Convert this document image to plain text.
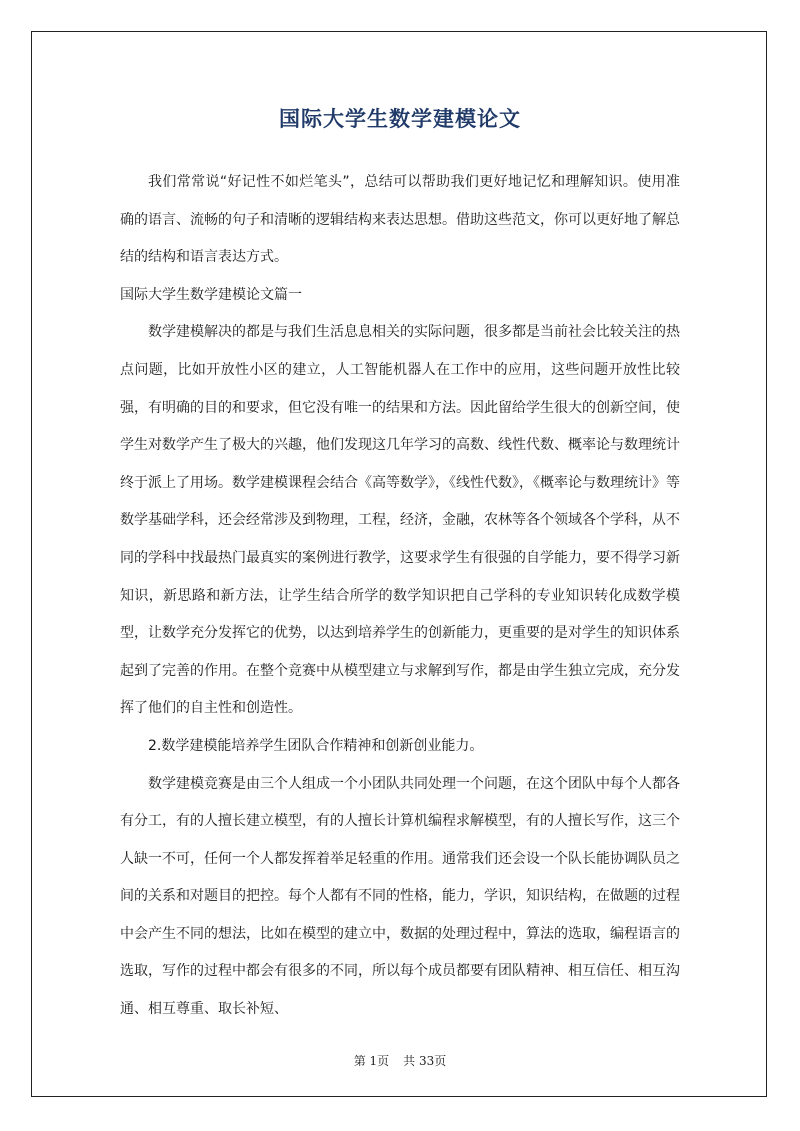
国际大学生数学建模论文

我们常常说“好记性不如烂笔头”，总结可以帮助我们更好地记忆和理解知识。使用准确的语言、流畅的句子和清晰的逻辑结构来表达思想。借助这些范文，你可以更好地了解总结的结构和语言表达方式。

国际大学生数学建模论文篇一

数学建模解决的都是与我们生活息息相关的实际问题，很多都是当前社会比较关注的热点问题，比如开放性小区的建立，人工智能机器人在工作中的应用，这些问题开放性比较强，有明确的目的和要求，但它没有唯一的结果和方法。因此留给学生很大的创新空间，使学生对数学产生了极大的兴趣，他们发现这几年学习的高数、线性代数、概率论与数理统计终于派上了用场。数学建模课程会结合《高等数学》，《线性代数》，《概率论与数理统计》等数学基础学科，还会经常涉及到物理，工程，经济，金融，农林等各个领域各个学科，从不同的学科中找最热门最真实的案例进行教学，这要求学生有很强的自学能力，要不得学习新知识，新思路和新方法，让学生结合所学的数学知识把自己学科的专业知识转化成数学模型，让数学充分发挥它的优势，以达到培养学生的创新能力，更重要的是对学生的知识体系起到了完善的作用。在整个竞赛中从模型建立与求解到写作，都是由学生独立完成，充分发挥了他们的自主性和创造性。

2.数学建模能培养学生团队合作精神和创新创业能力。

数学建模竞赛是由三个人组成一个小团队共同处理一个问题，在这个团队中每个人都各有分工，有的人擅长建立模型，有的人擅长计算机编程求解模型，有的人擅长写作，这三个人缺一不可，任何一个人都发挥着举足轻重的作用。通常我们还会设一个队长能协调队员之间的关系和对题目的把控。每个人都有不同的性格，能力，学识，知识结构，在做题的过程中会产生不同的想法，比如在模型的建立中，数据的处理过程中，算法的选取，编程语言的选取，写作的过程中都会有很多的不同，所以每个成员都要有团队精神、相互信任、相互沟通、相互尊重、取长补短、

第 1页 共 33页
